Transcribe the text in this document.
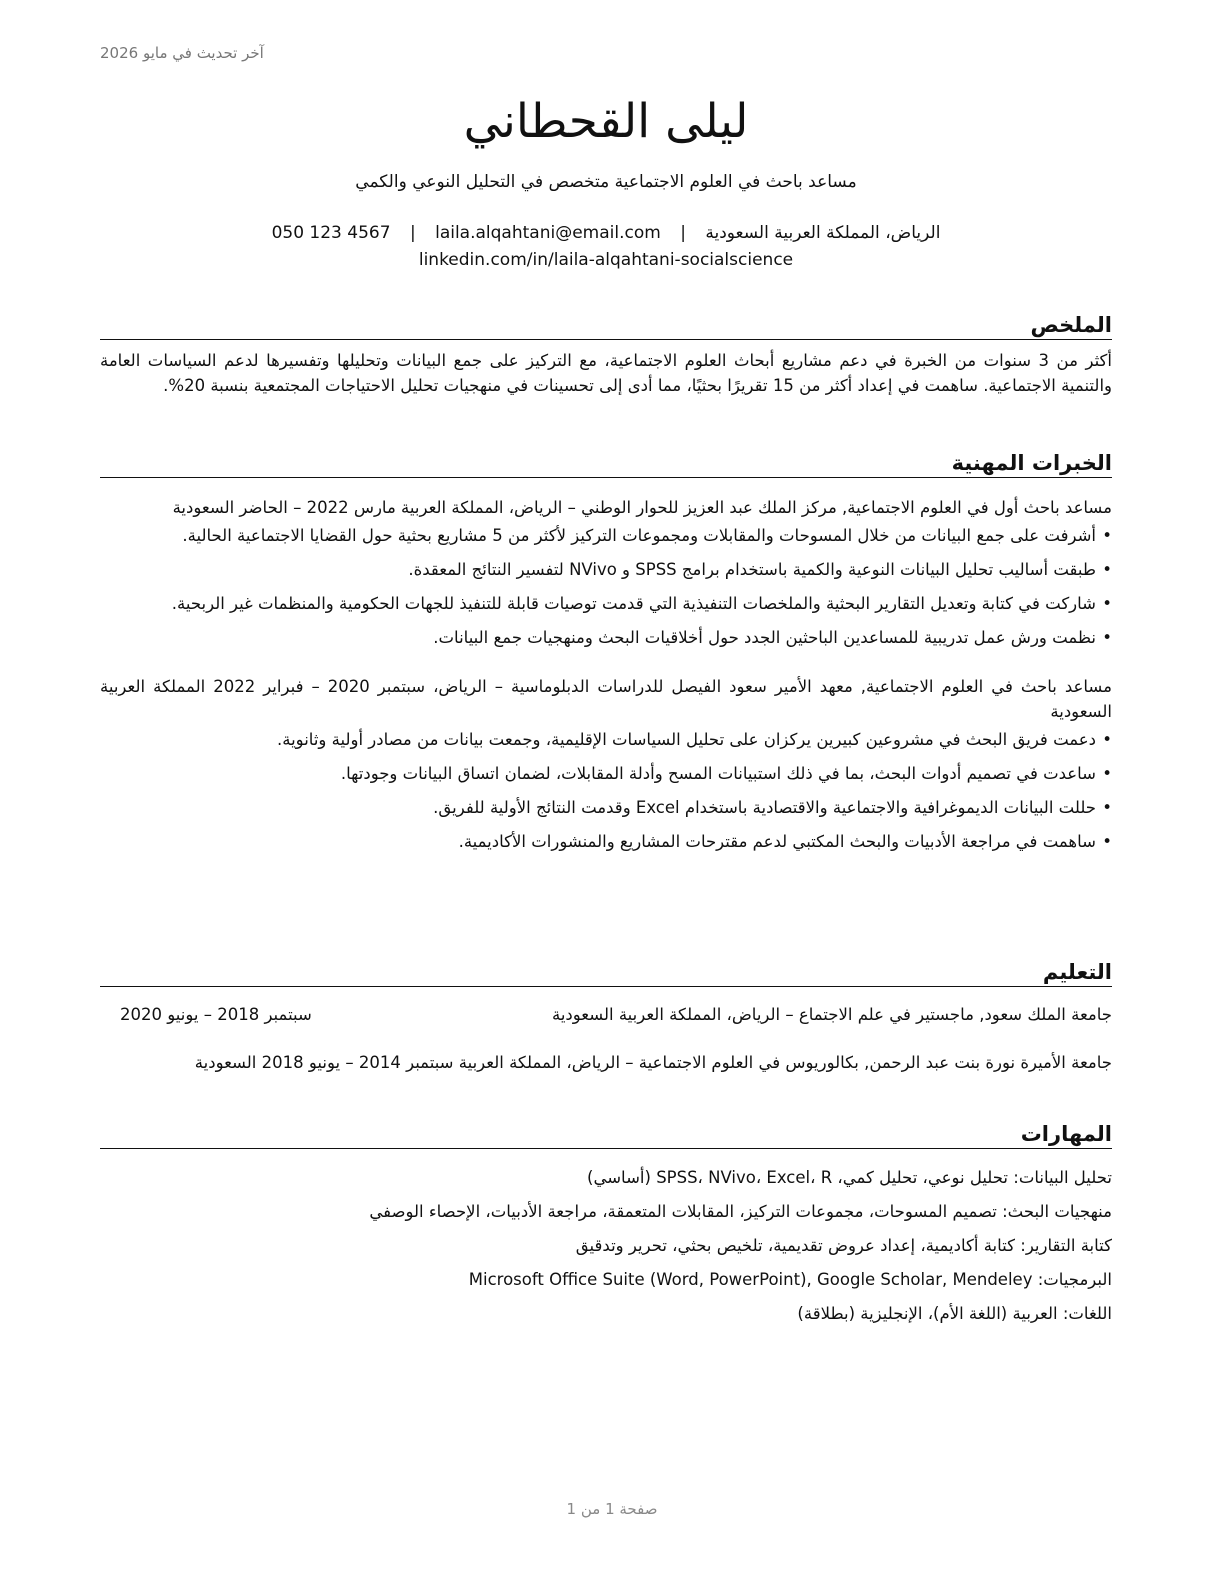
آخر تحديث في مايو 2026
ليلى القحطاني
مساعد باحث في العلوم الاجتماعية متخصص في التحليل النوعي والكمي
الرياض، المملكة العربية السعودية | laila.alqahtani@email.com | 050 123 4567
linkedin.com/in/laila-alqahtani-socialscience
الملخص
أكثر من 3 سنوات من الخبرة في دعم مشاريع أبحاث العلوم الاجتماعية، مع التركيز على جمع البيانات وتحليلها وتفسيرها لدعم السياسات العامة والتنمية الاجتماعية. ساهمت في إعداد أكثر من 15 تقريرًا بحثيًا، مما أدى إلى تحسينات في منهجيات تحليل الاحتياجات المجتمعية بنسبة 20%.
الخبرات المهنية
مساعد باحث أول في العلوم الاجتماعية, مركز الملك عبد العزيز للحوار الوطني – الرياض، المملكة العربية مارس 2022 – الحاضر السعودية
• أشرفت على جمع البيانات من خلال المسوحات والمقابلات ومجموعات التركيز لأكثر من 5 مشاريع بحثية حول القضايا الاجتماعية الحالية.
• طبقت أساليب تحليل البيانات النوعية والكمية باستخدام برامج SPSS و NVivo لتفسير النتائج المعقدة.
• شاركت في كتابة وتعديل التقارير البحثية والملخصات التنفيذية التي قدمت توصيات قابلة للتنفيذ للجهات الحكومية والمنظمات غير الربحية.
• نظمت ورش عمل تدريبية للمساعدين الباحثين الجدد حول أخلاقيات البحث ومنهجيات جمع البيانات.
مساعد باحث في العلوم الاجتماعية, معهد الأمير سعود الفيصل للدراسات الدبلوماسية – الرياض، سبتمبر 2020 – فبراير 2022 المملكة العربية السعودية
• دعمت فريق البحث في مشروعين كبيرين يركزان على تحليل السياسات الإقليمية، وجمعت بيانات من مصادر أولية وثانوية.
• ساعدت في تصميم أدوات البحث، بما في ذلك استبيانات المسح وأدلة المقابلات، لضمان اتساق البيانات وجودتها.
• حللت البيانات الديموغرافية والاجتماعية والاقتصادية باستخدام Excel وقدمت النتائج الأولية للفريق.
• ساهمت في مراجعة الأدبيات والبحث المكتبي لدعم مقترحات المشاريع والمنشورات الأكاديمية.
التعليم
جامعة الملك سعود, ماجستير في علم الاجتماع – الرياض، المملكة العربية السعودية
سبتمبر 2018 – يونيو 2020
جامعة الأميرة نورة بنت عبد الرحمن, بكالوريوس في العلوم الاجتماعية – الرياض، المملكة العربية سبتمبر 2014 – يونيو 2018 السعودية
المهارات
تحليل البيانات: تحليل نوعي، تحليل كمي، SPSS، NVivo، Excel، R (أساسي)
منهجيات البحث: تصميم المسوحات، مجموعات التركيز، المقابلات المتعمقة، مراجعة الأدبيات، الإحصاء الوصفي
كتابة التقارير: كتابة أكاديمية، إعداد عروض تقديمية، تلخيص بحثي، تحرير وتدقيق
البرمجيات: Microsoft Office Suite (Word, PowerPoint), Google Scholar, Mendeley
اللغات: العربية (اللغة الأم)، الإنجليزية (بطلاقة)
صفحة 1 من 1
